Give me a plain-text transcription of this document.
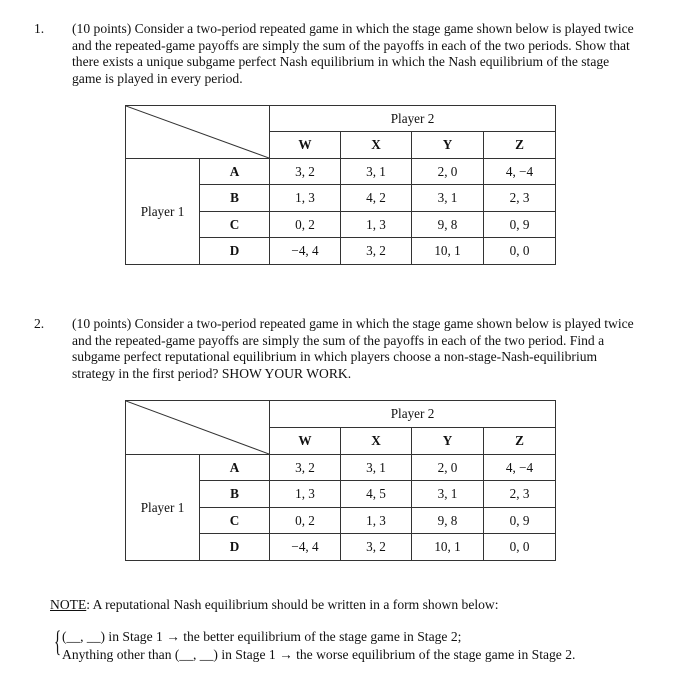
1. (10 points) Consider a two-period repeated game in which the stage game shown below is played twice and the repeated-game payoffs are simply the sum of the payoffs in each of the two periods. Show that there exists a unique subgame perfect Nash equilibrium in which the Nash equilibrium of the stage game is played in every period.
	Player 2			
		W	X	Y	Z
Player 1	A	3, 2	3, 1	2, 0	4, −4
	B	1, 3	4, 2	3, 1	2, 3
	C	0, 2	1, 3	9, 8	0, 9
	D	−4, 4	3, 2	10, 1	0, 0
2. (10 points) Consider a two-period repeated game in which the stage game shown below is played twice and the repeated-game payoffs are simply the sum of the payoffs in each of the two period. Find a subgame perfect reputational equilibrium in which players choose a non-stage-Nash-equilibrium strategy in the first period? SHOW YOUR WORK.
	Player 2			
		W	X	Y	Z
Player 1	A	3, 2	3, 1	2, 0	4, −4
	B	1, 3	4, 5	3, 1	2, 3
	C	0, 2	1, 3	9, 8	0, 9
	D	−4, 4	3, 2	10, 1	0, 0
NOTE: A reputational Nash equilibrium should be written in a form shown below:
{ (__, __) in Stage 1 → the better equilibrium of the stage game in Stage 2;
Anything other than (__, __) in Stage 1 → the worse equilibrium of the stage game in Stage 2.
